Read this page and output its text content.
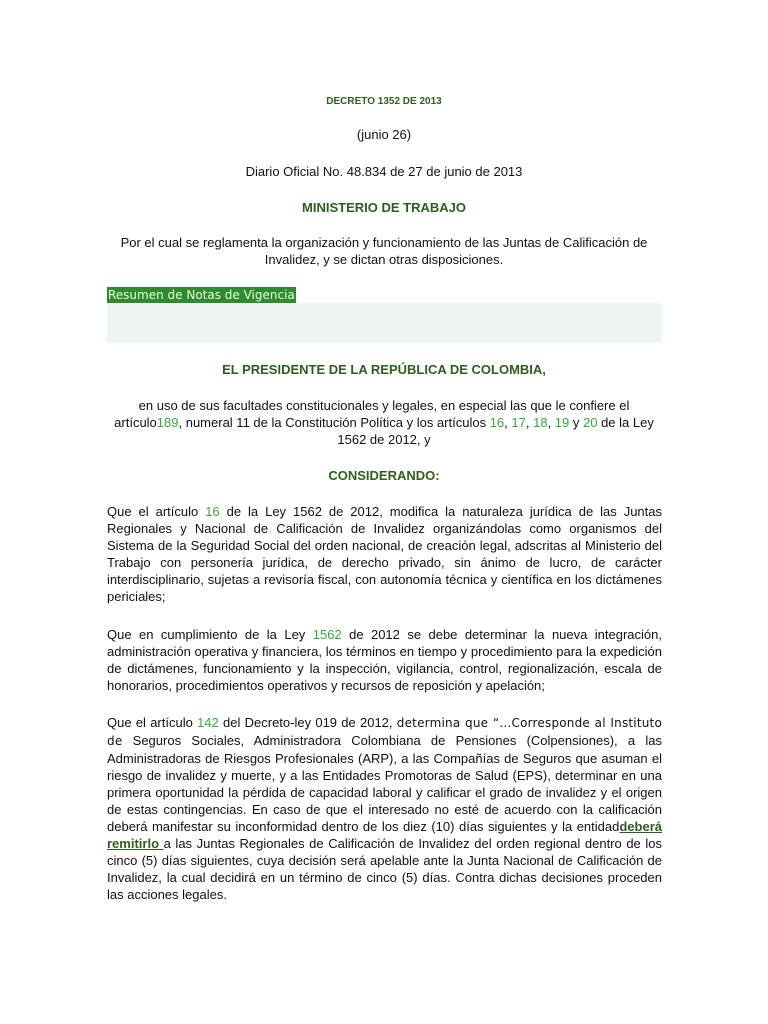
DECRETO 1352 DE 2013
(junio 26)
Diario Oficial No. 48.834 de 27 de junio de 2013
MINISTERIO DE TRABAJO
Por el cual se reglamenta la organización y funcionamiento de las Juntas de Calificación de
Invalidez, y se dictan otras disposiciones.
Resumen de Notas de Vigencia
EL PRESIDENTE DE LA REPÚBLICA DE COLOMBIA,
en uso de sus facultades constitucionales y legales, en especial las que le confiere el
artículo189, numeral 11 de la Constitución Política y los artículos 16, 17, 18, 19 y 20 de la Ley
1562 de 2012, y
CONSIDERANDO:
Que el artículo 16 de la Ley 1562 de 2012, modifica la naturaleza jurídica de las Juntas Regionales y Nacional de Calificación de Invalidez organizándolas como organismos del Sistema de la Seguridad Social del orden nacional, de creación legal, adscritas al Ministerio del Trabajo con personería jurídica, de derecho privado, sin ánimo de lucro, de carácter interdisciplinario, sujetas a revisoría fiscal, con autonomía técnica y científica en los dictámenes periciales;
Que en cumplimiento de la Ley 1562 de 2012 se debe determinar la nueva integración, administración operativa y financiera, los términos en tiempo y procedimiento para la expedición de dictámenes, funcionamiento y la inspección, vigilancia, control, regionalización, escala de honorarios, procedimientos operativos y recursos de reposición y apelación;
Que el artículo 142 del Decreto-ley 019 de 2012, determina que “…Corresponde al Instituto de Seguros Sociales, Administradora Colombiana de Pensiones (Colpensiones), a las Administradoras de Riesgos Profesionales (ARP), a las Compañías de Seguros que asuman el riesgo de invalidez y muerte, y a las Entidades Promotoras de Salud (EPS), determinar en una primera oportunidad la pérdida de capacidad laboral y calificar el grado de invalidez y el origen de estas contingencias. En caso de que el interesado no esté de acuerdo con la calificación deberá manifestar su inconformidad dentro de los diez (10) días siguientes y la entidaddeberá remitirlo a las Juntas Regionales de Calificación de Invalidez del orden regional dentro de los cinco (5) días siguientes, cuya decisión será apelable ante la Junta Nacional de Calificación de Invalidez, la cual decidirá en un término de cinco (5) días. Contra dichas decisiones proceden las acciones legales.
